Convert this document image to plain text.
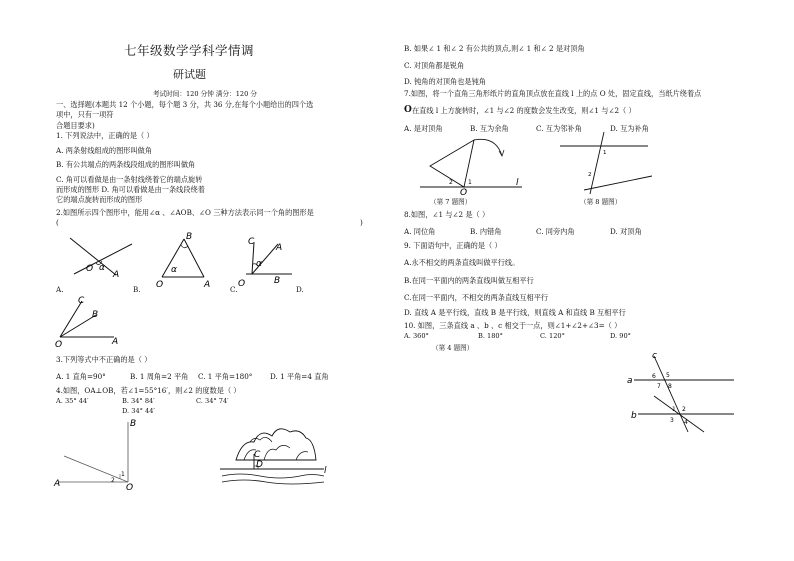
七年级数学学科学情调
研试题
考试时间：120 分钟 满分：120 分
一、选择题(本题共 12 个小题，每个题 3 分，共 36 分,在每个小题给出的四个选
项中，只有一项符
合题目要求)
1. 下列说法中，正确的是（ ）
A. 两条射线组成的图形叫做角
B. 有公共端点的两条线段组成的图形叫做角
C. 角可以看做是由一条射线绕着它的端点旋转
而形成的图形 D. 角可以看做是由一条线段绕着
它的端点旋转而形成的图形
2.如图所示四个图形中，能用∠α 、∠AOB、∠O 三种方法表示同一个角的图形是
(	)
O α
A
B
α
O	A
C
A
α
O	B
A.	B.	C.	D.
C
B
A
O
3.下列等式中不正确的是（ ）
A. 1 直角=90°	B. 1 周角=2 平角 C. 1 平角=180° D. 1 平角=4 直角
4.如图，OA⊥OB，若∠1=55°16′，则∠2 的度数是（ ）
A. 35° 44′	B. 34° 84′	C. 34° 74′
D. 34° 44′
B
A
1
2
O
C
D
l
B. 如果∠ 1 和∠ 2 有公共的顶点,则∠ 1 和∠ 2 是对顶角
C. 对顶角都是锐角
D. 钝角的对顶角也是钝角
7.如图，将一个直角三角形纸片的直角顶点放在直线 l 上的点 O 处，固定直线，当纸片绕着点
O 在直线 l 上方旋转时，∠1 与∠2 的度数会发生改变，则∠1 与∠2（ ）
A. 是对顶角	B. 互为余角	C. 互为邻补角	D. 互为补角
1
2
O
l
1
2
（第 7 题图）	（第 8 题图）
8.如图，∠1 与∠2 是（ ）
A. 同位角	B. 内错角	C. 同旁内角	D. 对顶角
9. 下面语句中，正确的是（ ）
A.永不相交的两条直线叫做平行线。
B.在同一平面内的两条直线叫做互相平行
C.在同一平面内，不相交的两条直线互相平行
D. 直线 A 是平行线，直线 B 是平行线，则直线 A 和直线 B 互相平行
10. 如图，三条直线 a 、b 、c 相交于一点，则∠1+∠2+∠3=（ ）
A. 360°	B. 180°	C. 120°	D. 90°
（第 4 题图）
c
a
b
6 5
7 8
1 2
3 4
